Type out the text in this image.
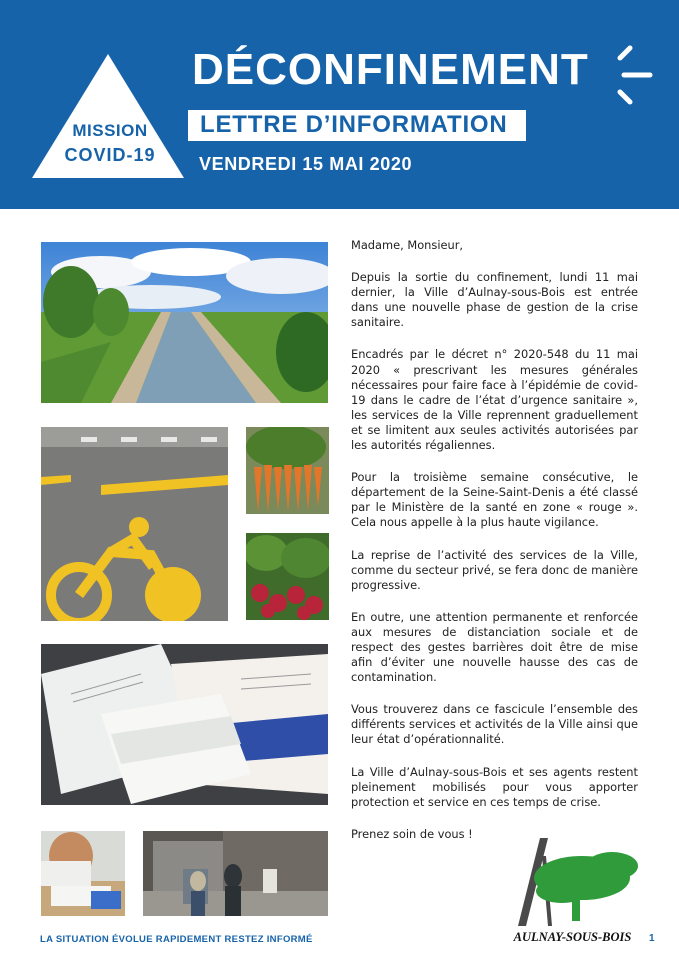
MISSION
COVID-19
DÉCONFINEMENT
LETTRE D’INFORMATION
VENDREDI 15 MAI 2020

Madame, Monsieur,

Depuis la sortie du confinement, lundi 11 mai dernier, la Ville d’Aulnay-sous-Bois est entrée dans une nouvelle phase de gestion de la crise sanitaire.

Encadrés par le décret n° 2020-548 du 11 mai 2020 « prescrivant les mesures générales nécessaires pour faire face à l’épidémie de covid-19 dans le cadre de l’état d’urgence sanitaire », les services de la Ville reprennent graduellement et se limitent aux seules activités autorisées par les autorités régaliennes.

Pour la troisième semaine consécutive, le département de la Seine-Saint-Denis a été classé par le Ministère de la santé en zone « rouge ». Cela nous appelle à la plus haute vigilance.

La reprise de l’activité des services de la Ville, comme du secteur privé, se fera donc de manière progressive.

En outre, une attention permanente et renforcée aux mesures de distanciation sociale et de respect des gestes barrières doit être de mise afin d’éviter une nouvelle hausse des cas de contamination.

Vous trouverez dans ce fascicule l’ensemble des différents services et activités de la Ville ainsi que leur état d’opérationnalité.

La Ville d’Aulnay-sous-Bois et ses agents restent pleinement mobilisés pour vous apporter protection et service en ces temps de crise.

Prenez soin de vous !

AULNAY-SOUS-BOIS
LA SITUATION ÉVOLUE RAPIDEMENT RESTEZ INFORMÉ	1
